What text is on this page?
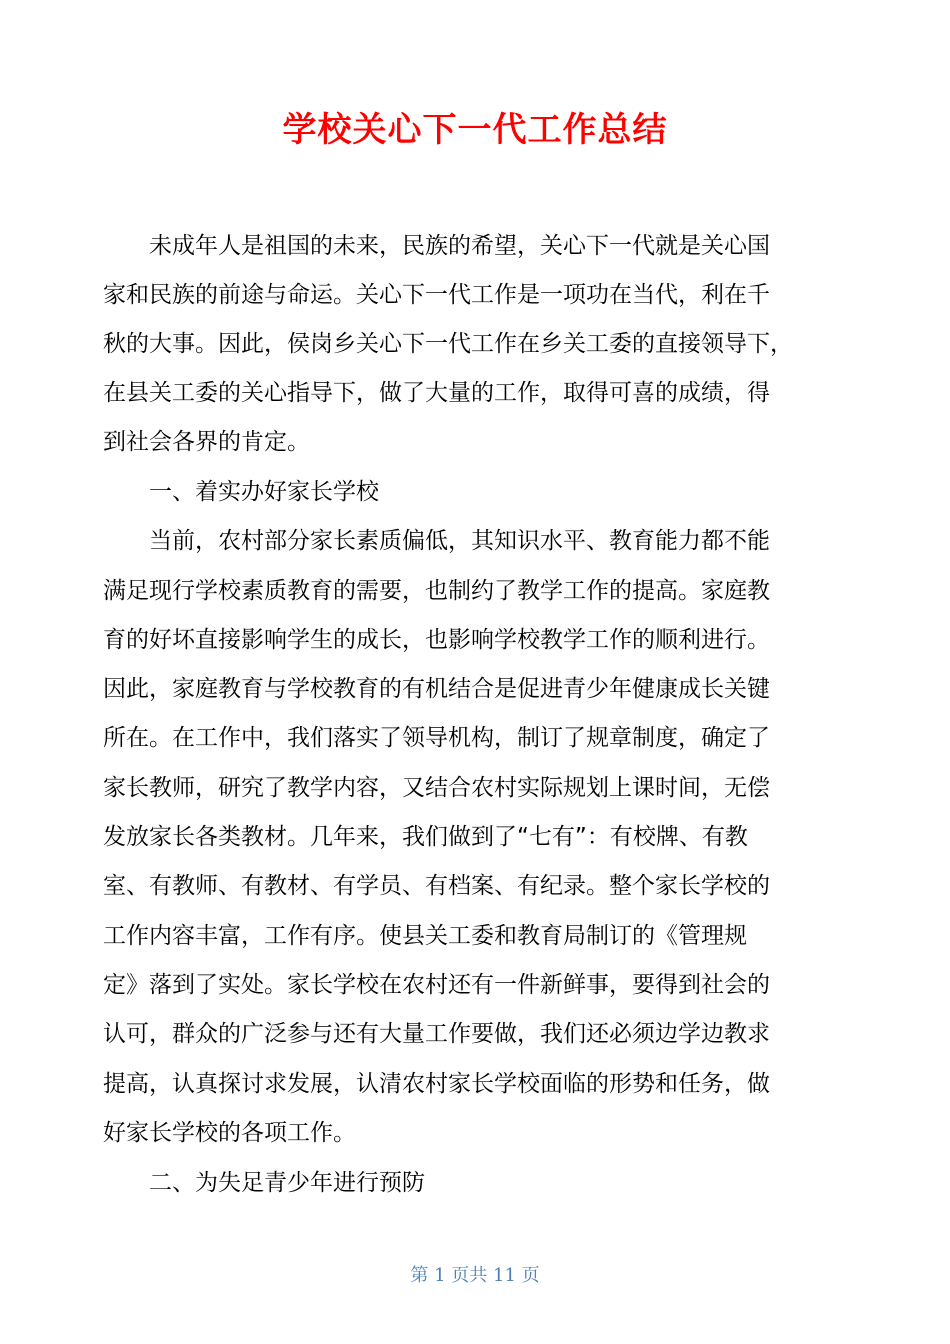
学校关心下一代工作总结
　　未成年人是祖国的未来，民族的希望，关心下一代就是关心国
家和民族的前途与命运。关心下一代工作是一项功在当代，利在千
秋的大事。因此，侯岗乡关心下一代工作在乡关工委的直接领导下，
在县关工委的关心指导下，做了大量的工作，取得可喜的成绩，得
到社会各界的肯定。
　　一、着实办好家长学校
　　当前，农村部分家长素质偏低，其知识水平、教育能力都不能
满足现行学校素质教育的需要，也制约了教学工作的提高。家庭教
育的好坏直接影响学生的成长，也影响学校教学工作的顺利进行。
因此，家庭教育与学校教育的有机结合是促进青少年健康成长关键
所在。在工作中，我们落实了领导机构，制订了规章制度，确定了
家长教师，研究了教学内容，又结合农村实际规划上课时间，无偿
发放家长各类教材。几年来，我们做到了“七有”：有校牌、有教
室、有教师、有教材、有学员、有档案、有纪录。整个家长学校的
工作内容丰富，工作有序。使县关工委和教育局制订的《管理规
定》落到了实处。家长学校在农村还有一件新鲜事，要得到社会的
认可，群众的广泛参与还有大量工作要做，我们还必须边学边教求
提高，认真探讨求发展，认清农村家长学校面临的形势和任务，做
好家长学校的各项工作。
　　二、为失足青少年进行预防
第 1 页共 11 页
